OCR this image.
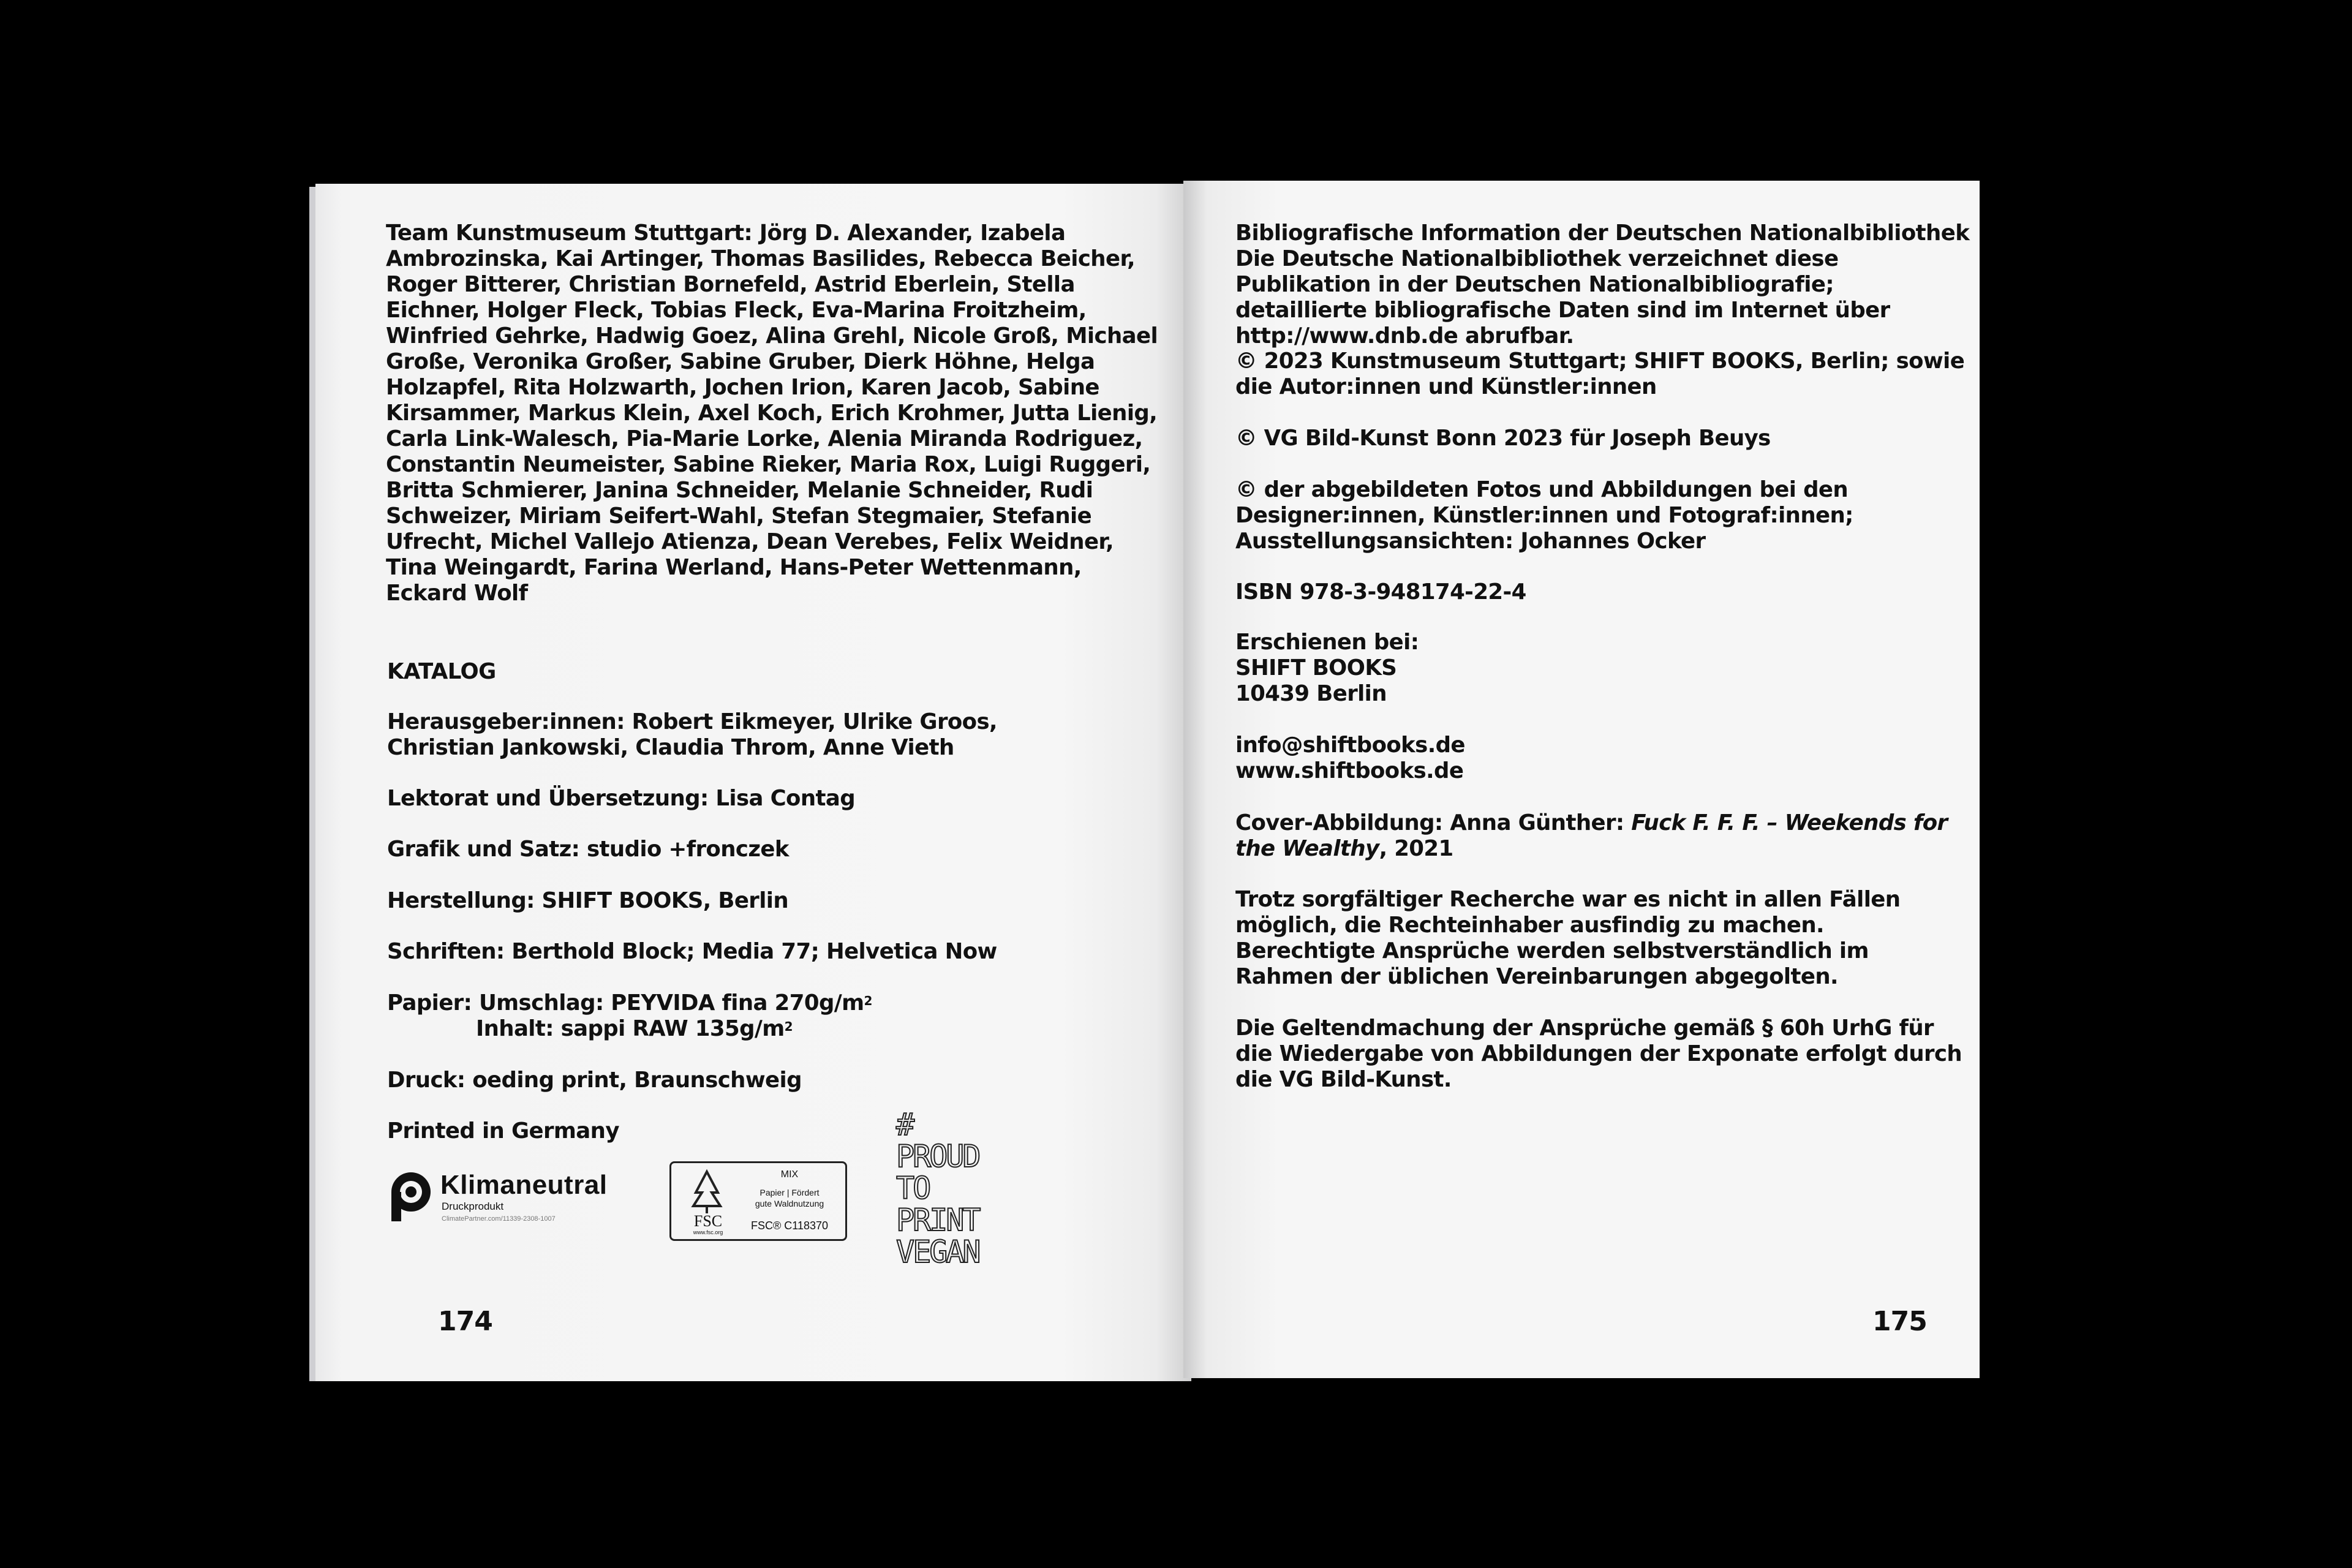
Team Kunstmuseum Stuttgart: Jörg D. Alexander, Izabela Ambrozinska, Kai Artinger, Thomas Basilides, Rebecca Beicher, Roger Bitterer, Christian Bornefeld, Astrid Eberlein, Stella Eichner, Holger Fleck, Tobias Fleck, Eva-Marina Froitzheim, Winfried Gehrke, Hadwig Goez, Alina Grehl, Nicole Groß, Michael Große, Veronika Großer, Sabine Gruber, Dierk Höhne, Helga Holzapfel, Rita Holzwarth, Jochen Irion, Karen Jacob, Sabine Kirsammer, Markus Klein, Axel Koch, Erich Krohmer, Jutta Lienig, Carla Link-Walesch, Pia-Marie Lorke, Alenia Miranda Rodriguez, Constantin Neumeister, Sabine Rieker, Maria Rox, Luigi Ruggeri, Britta Schmierer, Janina Schneider, Melanie Schneider, Rudi Schweizer, Miriam Seifert-Wahl, Stefan Stegmaier, Stefanie Ufrecht, Michel Vallejo Atienza, Dean Verebes, Felix Weidner, Tina Weingardt, Farina Werland, Hans-Peter Wettenmann, Eckard Wolf

KATALOG

Herausgeber:innen: Robert Eikmeyer, Ulrike Groos, Christian Jankowski, Claudia Throm, Anne Vieth

Lektorat und Übersetzung: Lisa Contag

Grafik und Satz: studio +fronczek

Herstellung: SHIFT BOOKS, Berlin

Schriften: Berthold Block; Media 77; Helvetica Now

Papier: Umschlag: PEYVIDA fina $270g/m^2$

Inhalt: sappi RAW $135g/m^2$

Druck: oeding print, Braunschweig

Printed in Germany

Klimaneutral
Druckprodukt
ClimatePartner.com/11339-2308-1007	FSC
www.fsc.org
MIX
Papier | Fördert
gute Waldnutzung
FSC® C118370
#
PROUD
TO
PRINT
VEGAN
174

Bibliografische Information der Deutschen Nationalbibliothek Die Deutsche Nationalbibliothek verzeichnet diese Publikation in der Deutschen Nationalbibliografie; detaillierte bibliografische Daten sind im Internet über http://www.dnb.de abrufbar.

© 2023 Kunstmuseum Stuttgart; SHIFT BOOKS, Berlin; sowie die Autor:innen und Künstler:innen

© VG Bild-Kunst Bonn 2023 für Joseph Beuys

© der abgebildeten Fotos und Abbildungen bei den Designer:innen, Künstler:innen und Fotograf:innen; Ausstellungsansichten: Johannes Ocker

ISBN 978-3-948174-22-4

Erschienen bei:

SHIFT BOOKS

10439 Berlin

info@shiftbooks.de

www.shiftbooks.de

Cover-Abbildung: Anna Günther: Fuck F. F. F. – Weekends for the Wealthy, 2021

Trotz sorgfältiger Recherche war es nicht in allen Fällen möglich, die Rechteinhaber ausfindig zu machen. Berechtigte Ansprüche werden selbstverständlich im Rahmen der üblichen Vereinbarungen abgegolten.

Die Geltendmachung der Ansprüche gemäß § 60h UrhG für die Wiedergabe von Abbildungen der Exponate erfolgt durch die VG Bild-Kunst.

175
